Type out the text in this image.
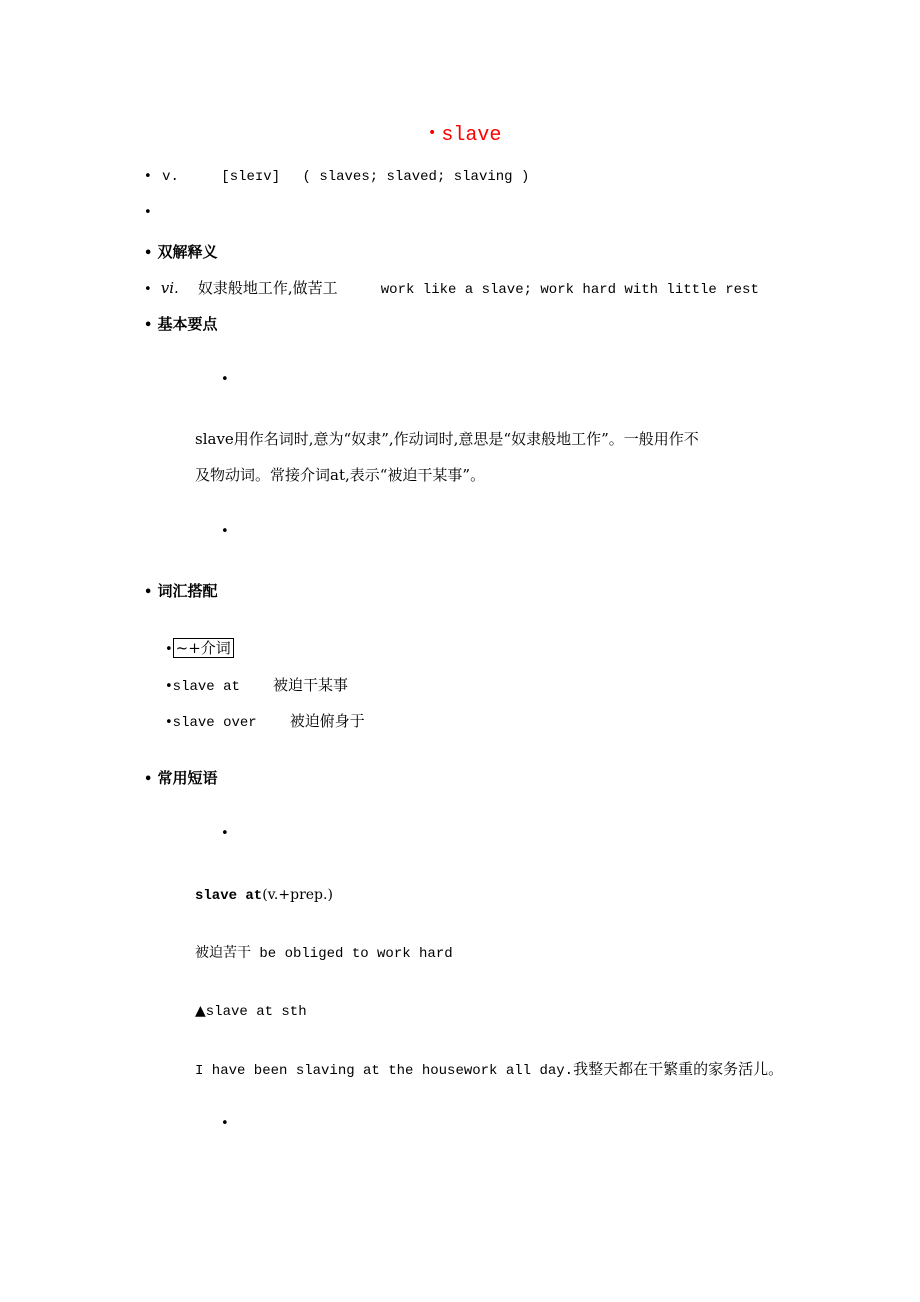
• slave
• v.	[sleɪv] ( slaves; slaved; slaving )
•
• 双解释义
• vi. 奴隶般地工作,做苦工	work like a slave; work hard with little rest
• 基本要点
•
slave用作名词时,意为“奴隶”,作动词时,意思是“奴隶般地工作”。一般用作不
及物动词。常接介词at,表示“被迫干某事”。
•
• 词汇搭配
• ~+介词
•slave at 被迫干某事
•slave over 被迫俯身于
• 常用短语
•
slave at(v.+prep.)
被迫苦干 be obliged to work hard
▲slave at sth
I have been slaving at the housework all day.我整天都在干繁重的家务活儿。
•
